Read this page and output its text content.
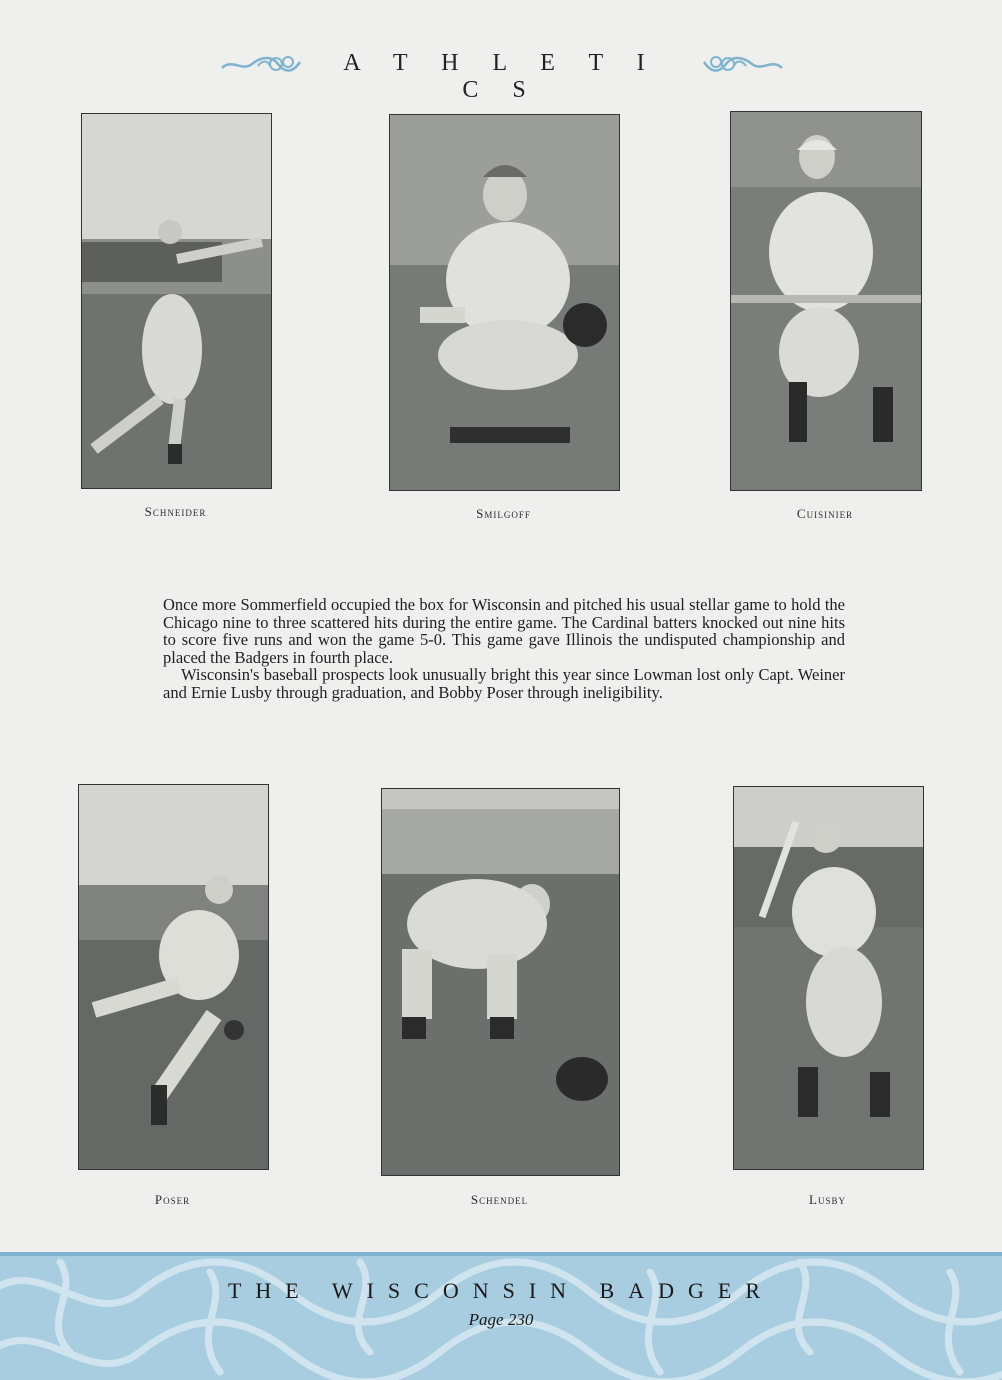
A T H L E T I C S
Schneider	Smilgoff	Cuisinier

Once more Sommerfield occupied the box for Wisconsin and pitched his usual stellar game to hold the Chicago nine to three scattered hits during the entire game. The Cardinal batters knocked out nine hits to score five runs and won the game 5-0. This game gave Illinois the undisputed championship and placed the Badgers in fourth place.

Wisconsin's baseball prospects look unusually bright this year since Lowman lost only Capt. Weiner and Ernie Lusby through graduation, and Bobby Poser through ineligibility.

Poser	Schendel	Lusby
THE WISCONSIN BADGER
Page 230
